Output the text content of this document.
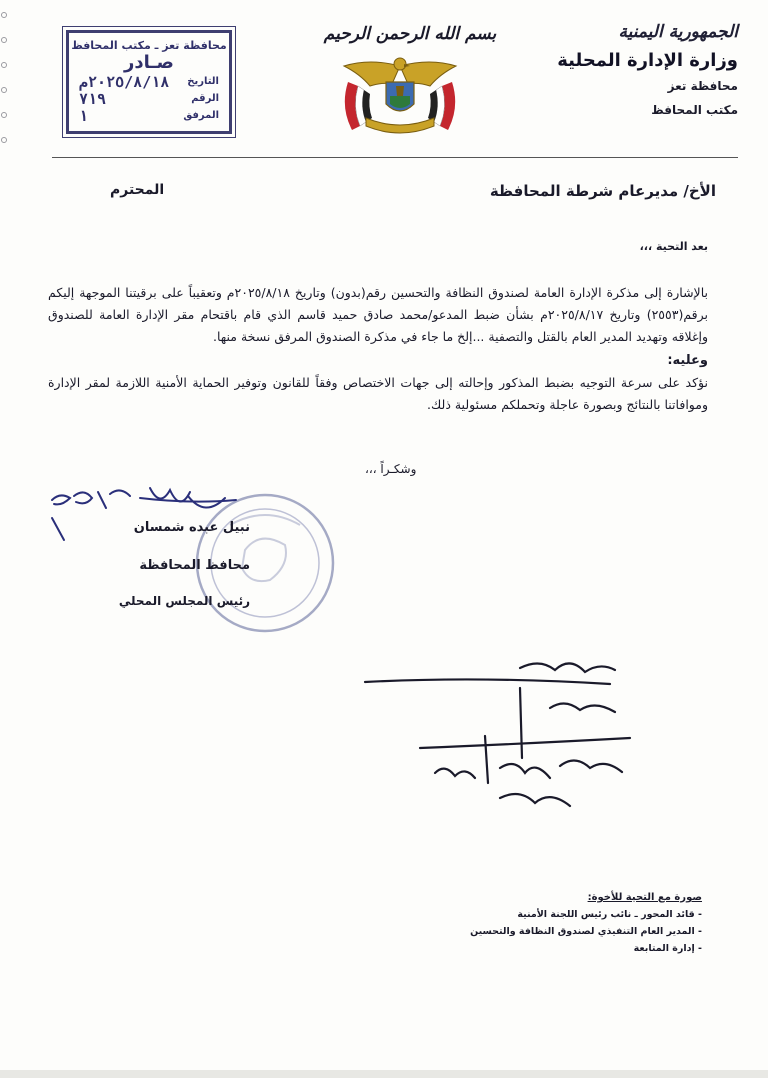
الجمهورية اليمنية
وزارة الإدارة المحلية
محافظة تعز
مكتب المحافظ
بسم الله الرحمن الرحيم
محافظة تعز ـ مكتب المحافظ
صـادر
التاريخ
٢٠٢٥/٨/١٨م
الرقم
٧١٩
المرفق
١
الأخ/ مديرعام شرطة المحافظة
المحترم
بعد التحية ،،،

بالإشارة إلى مذكرة الإدارة العامة لصندوق النظافة والتحسين رقم(بدون) وتاريخ ٢٠٢٥/٨/١٨م وتعقيباً على برقيتنا الموجهة إليكم برقم(٢٥٥٣) وتاريخ ٢٠٢٥/٨/١٧م بشأن ضبط المدعو/محمد صادق حميد قاسم الذي قام باقتحام مقر الإدارة العامة للصندوق وإغلاقه وتهديد المدير العام بالقتل والتصفية ...إلخ ما جاء في مذكرة الصندوق المرفق نسخة منها.

وعليه:

نؤكد على سرعة التوجيه بضبط المذكور وإحالته إلى جهات الاختصاص وفقاً للقانون وتوفير الحماية الأمنية اللازمة لمقر الإدارة وموافاتنا بالنتائج وبصورة عاجلة وتحملكم مسئولية ذلك.

وشكـراً ،،،
نبيل عبده شمسان
محافظ المحافظة
رئيس المجلس المحلي
صورة مع التحية للأخوة:
- قائد المحور ـ نائب رئيس اللجنة الأمنية
- المدير العام التنفيذي لصندوق النظافة والتحسين
- إدارة المتابعة
